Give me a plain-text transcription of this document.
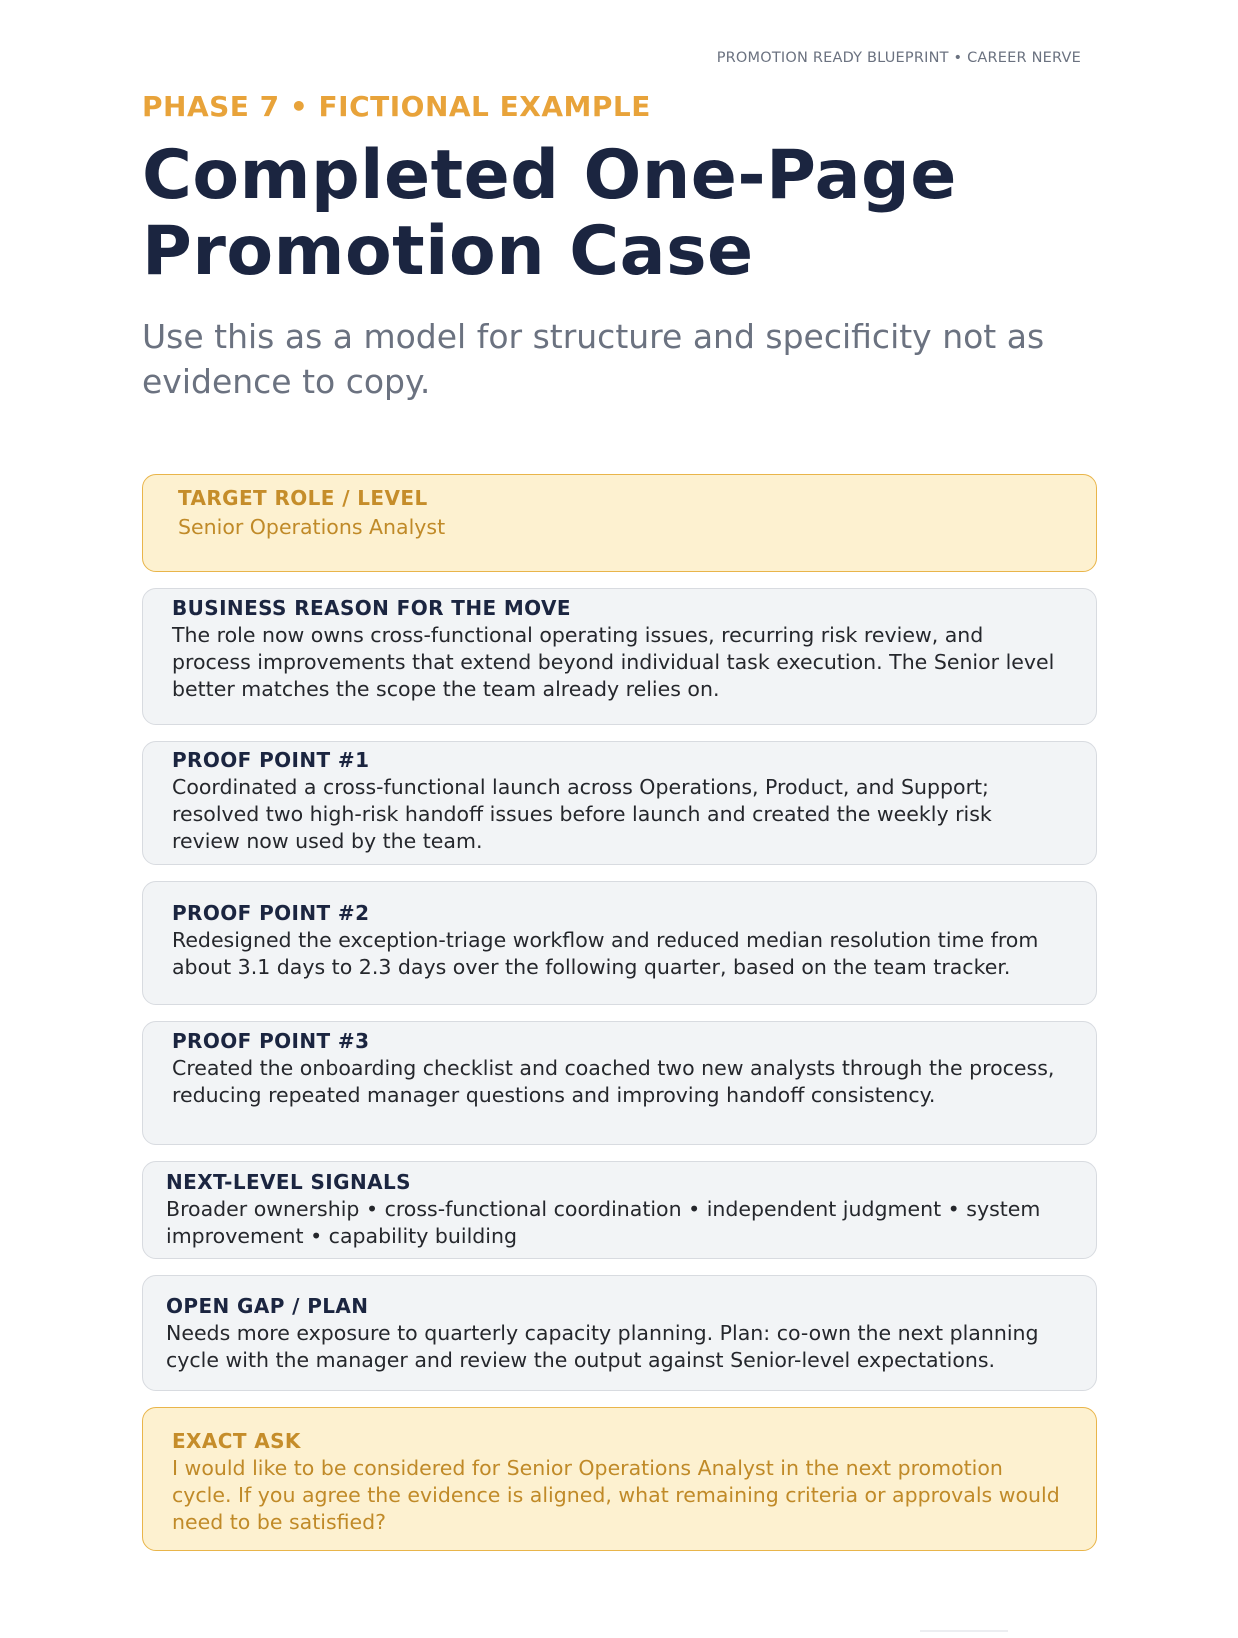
PROMOTION READY BLUEPRINT • CAREER NERVE
PHASE 7 • FICTIONAL EXAMPLE
Completed One-Page Promotion Case

Use this as a model for structure and specificity not as evidence to copy.

TARGET ROLE / LEVEL
Senior Operations Analyst
BUSINESS REASON FOR THE MOVE
The role now owns cross-functional operating issues, recurring risk review, and process improvements that extend beyond individual task execution. The Senior level better matches the scope the team already relies on.
PROOF POINT #1
Coordinated a cross-functional launch across Operations, Product, and Support; resolved two high-risk handoff issues before launch and created the weekly risk review now used by the team.
PROOF POINT #2
Redesigned the exception-triage workflow and reduced median resolution time from about 3.1 days to 2.3 days over the following quarter, based on the team tracker.
PROOF POINT #3
Created the onboarding checklist and coached two new analysts through the process, reducing repeated manager questions and improving handoff consistency.
NEXT-LEVEL SIGNALS
Broader ownership • cross-functional coordination • independent judgment • system improvement • capability building
OPEN GAP / PLAN
Needs more exposure to quarterly capacity planning. Plan: co-own the next planning cycle with the manager and review the output against Senior-level expectations.
EXACT ASK
I would like to be considered for Senior Operations Analyst in the next promotion cycle. If you agree the evidence is aligned, what remaining criteria or approvals would need to be satisfied?
